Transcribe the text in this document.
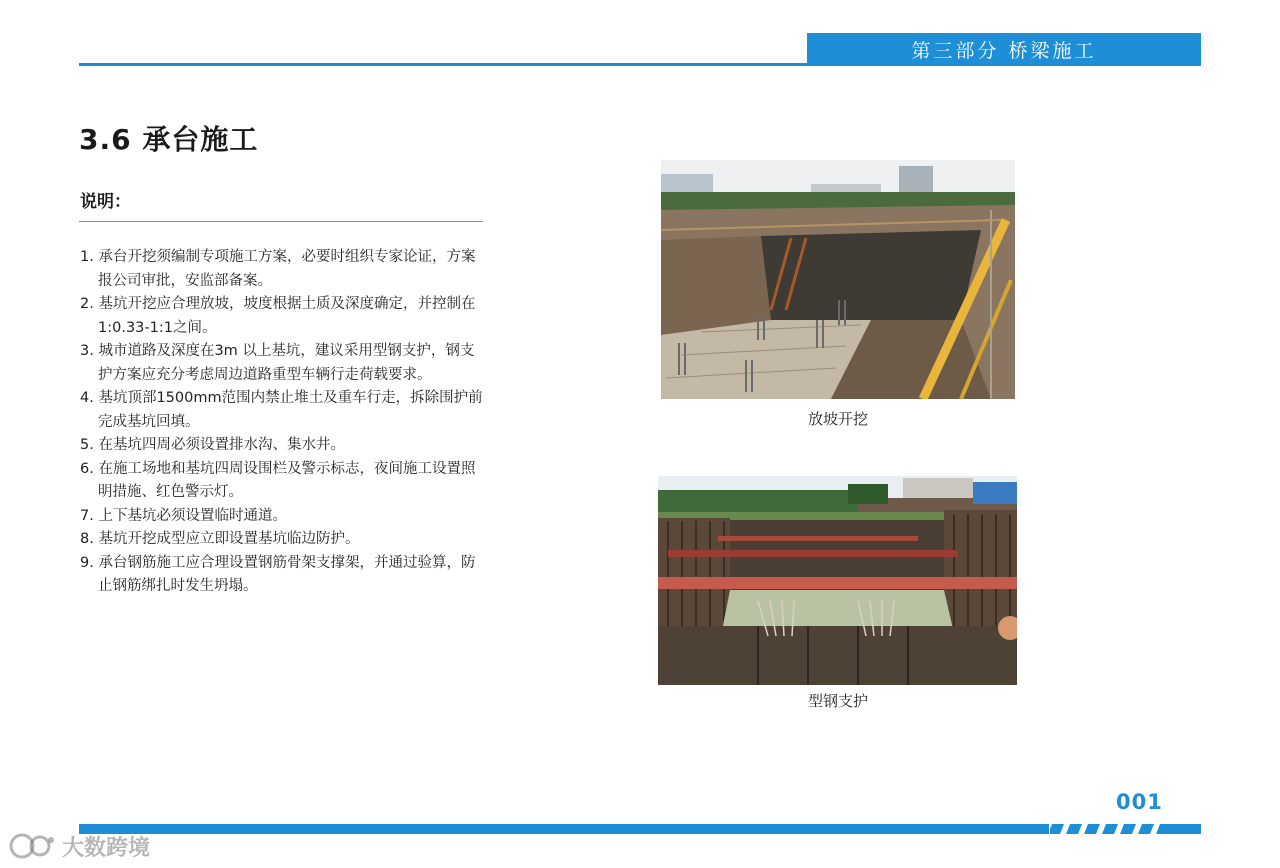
第三部分 桥梁施工
3.6 承台施工
说明：
1. 承台开挖须编制专项施工方案，必要时组织专家论证，方案报公司审批，安监部备案。
2. 基坑开挖应合理放坡，坡度根据土质及深度确定，并控制在 1:0.33-1:1之间。
3. 城市道路及深度在3m 以上基坑，建议采用型钢支护，钢支护方案应充分考虑周边道路重型车辆行走荷载要求。
4. 基坑顶部1500mm范围内禁止堆土及重车行走，拆除围护前完成基坑回填。
5. 在基坑四周必须设置排水沟、集水井。
6. 在施工场地和基坑四周设围栏及警示标志，夜间施工设置照明措施、红色警示灯。
7. 上下基坑必须设置临时通道。
8. 基坑开挖成型应立即设置基坑临边防护。
9. 承台钢筋施工应合理设置钢筋骨架支撑架，并通过验算，防止钢筋绑扎时发生坍塌。
放坡开挖
型钢支护
001
大数跨境
